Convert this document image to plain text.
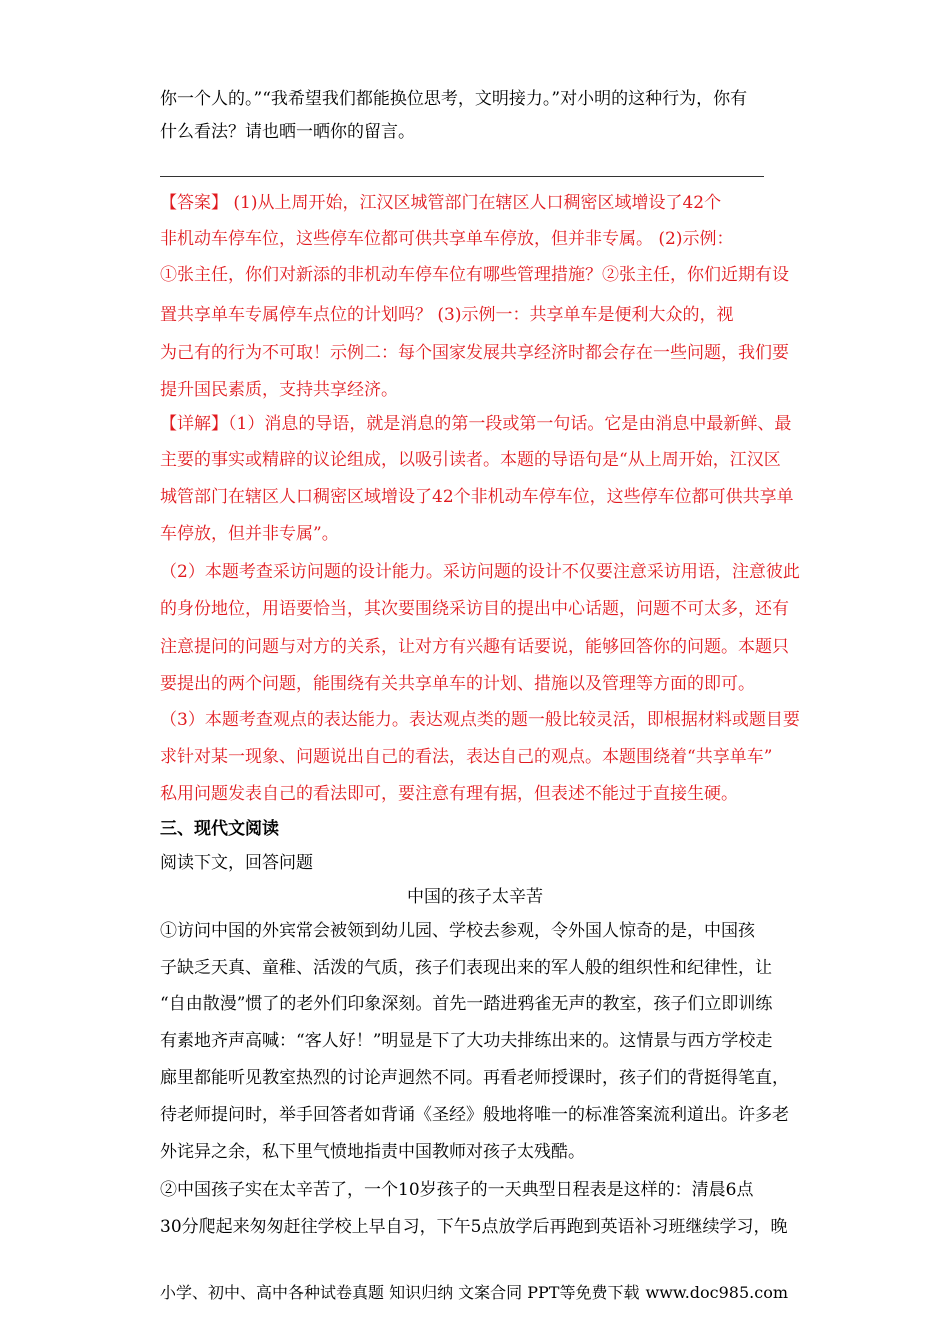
你一个人的。”“我希望我们都能换位思考，文明接力。”对小明的这种行为，你有
什么看法？请也晒一晒你的留言。
【答案】 (1)从上周开始，江汉区城管部门在辖区人口稠密区域增设了42个
非机动车停车位，这些停车位都可供共享单车停放，但并非专属。 (2)示例：
①张主任，你们对新添的非机动车停车位有哪些管理措施？②张主任，你们近期有设
置共享单车专属停车点位的计划吗？ (3)示例一：共享单车是便利大众的，视
为己有的行为不可取！示例二：每个国家发展共享经济时都会存在一些问题，我们要
提升国民素质，支持共享经济。
【详解】（1）消息的导语，就是消息的第一段或第一句话。它是由消息中最新鲜、最
主要的事实或精辟的议论组成，以吸引读者。本题的导语句是“从上周开始，江汉区
城管部门在辖区人口稠密区域增设了42个非机动车停车位，这些停车位都可供共享单
车停放，但并非专属”。
（2）本题考查采访问题的设计能力。采访问题的设计不仅要注意采访用语，注意彼此
的身份地位，用语要恰当，其次要围绕采访目的提出中心话题，问题不可太多，还有
注意提问的问题与对方的关系，让对方有兴趣有话要说，能够回答你的问题。本题只
要提出的两个问题，能围绕有关共享单车的计划、措施以及管理等方面的即可。
（3）本题考查观点的表达能力。表达观点类的题一般比较灵活，即根据材料或题目要
求针对某一现象、问题说出自己的看法，表达自己的观点。本题围绕着“共享单车”
私用问题发表自己的看法即可，要注意有理有据，但表述不能过于直接生硬。
三、现代文阅读
阅读下文，回答问题
中国的孩子太辛苦
①访问中国的外宾常会被领到幼儿园、学校去参观，令外国人惊奇的是，中国孩
子缺乏天真、童稚、活泼的气质，孩子们表现出来的军人般的组织性和纪律性，让
“自由散漫”惯了的老外们印象深刻。首先一踏进鸦雀无声的教室，孩子们立即训练
有素地齐声高喊：“客人好！”明显是下了大功夫排练出来的。这情景与西方学校走
廊里都能听见教室热烈的讨论声迥然不同。再看老师授课时，孩子们的背挺得笔直，
待老师提问时，举手回答者如背诵《圣经》般地将唯一的标准答案流利道出。许多老
外诧异之余，私下里气愤地指责中国教师对孩子太残酷。
②中国孩子实在太辛苦了，一个10岁孩子的一天典型日程表是这样的：清晨6点
30分爬起来匆匆赶往学校上早自习，下午5点放学后再跑到英语补习班继续学习，晚
小学、初中、高中各种试卷真题 知识归纳 文案合同 PPT等免费下载 www.doc985.com
